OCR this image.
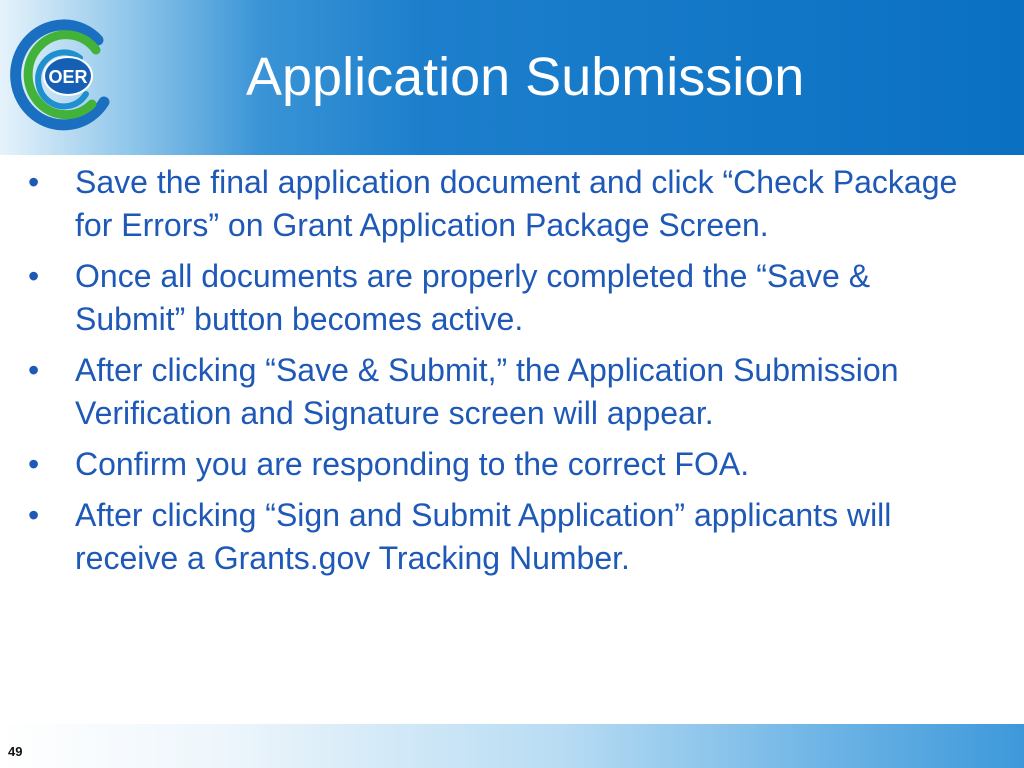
OER	Application Submission
•	Save the final application document and click “Check Package for Errors” on Grant Application Package Screen.
•	Once all documents are properly completed the “Save & Submit” button becomes active.
•	After clicking “Save & Submit,” the Application Submission Verification and Signature screen will appear.
•	Confirm you are responding to the correct FOA.
•	After clicking “Sign and Submit Application” applicants will receive a Grants.gov Tracking Number.
49
